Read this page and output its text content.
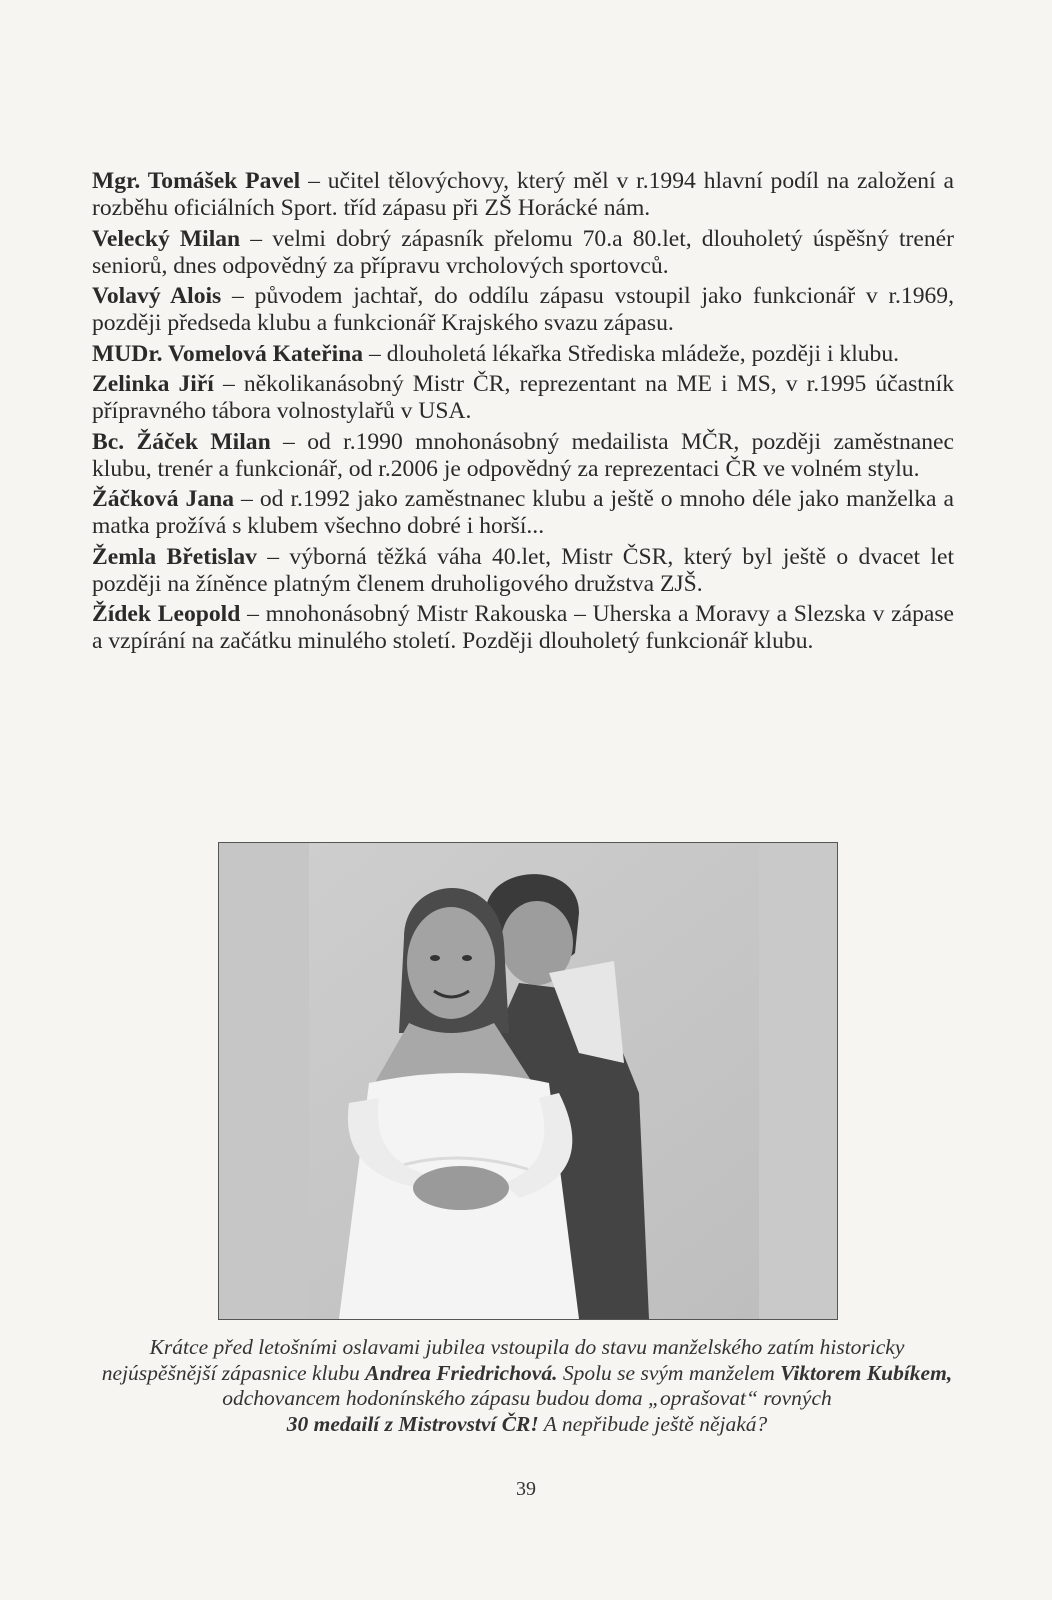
Mgr. Tomášek Pavel – učitel tělovýchovy, který měl v r.1994 hlavní podíl na založení a rozběhu oficiálních Sport. tříd zápasu při ZŠ Horácké nám.

Velecký Milan – velmi dobrý zápasník přelomu 70.a 80.let, dlouholetý úspěšný trenér seniorů, dnes odpovědný za přípravu vrcholových sportovců.

Volavý Alois – původem jachtař, do oddílu zápasu vstoupil jako funkcionář v r.1969, později předseda klubu a funkcionář Krajského svazu zápasu.

MUDr. Vomelová Kateřina – dlouholetá lékařka Střediska mládeže, později i klubu.

Zelinka Jiří – několikanásobný Mistr ČR, reprezentant na ME i MS, v r.1995 účastník přípravného tábora volnostylařů v USA.

Bc. Žáček Milan – od r.1990 mnohonásobný medailista MČR, později zaměstnanec klubu, trenér a funkcionář, od r.2006 je odpovědný za reprezentaci ČR ve volném stylu.

Žáčková Jana – od r.1992 jako zaměstnanec klubu a ještě o mnoho déle jako manželka a matka prožívá s klubem všechno dobré i horší...

Žemla Břetislav – výborná těžká váha 40.let, Mistr ČSR, který byl ještě o dvacet let později na žíněnce platným členem druholigového družstva ZJŠ.

Žídek Leopold – mnohonásobný Mistr Rakouska – Uherska a Moravy a Slezska v zápase a vzpírání na začátku minulého století. Později dlouholetý funkcionář klubu.

Krátce před letošními oslavami jubilea vstoupila do stavu manželského zatím historicky nejúspěšnější zápasnice klubu Andrea Friedrichová. Spolu se svým manželem Viktorem Kubíkem, odchovancem hodonínského zápasu budou doma „oprašovat“ rovných
30 medailí z Mistrovství ČR! A nepřibude ještě nějaká?
39
